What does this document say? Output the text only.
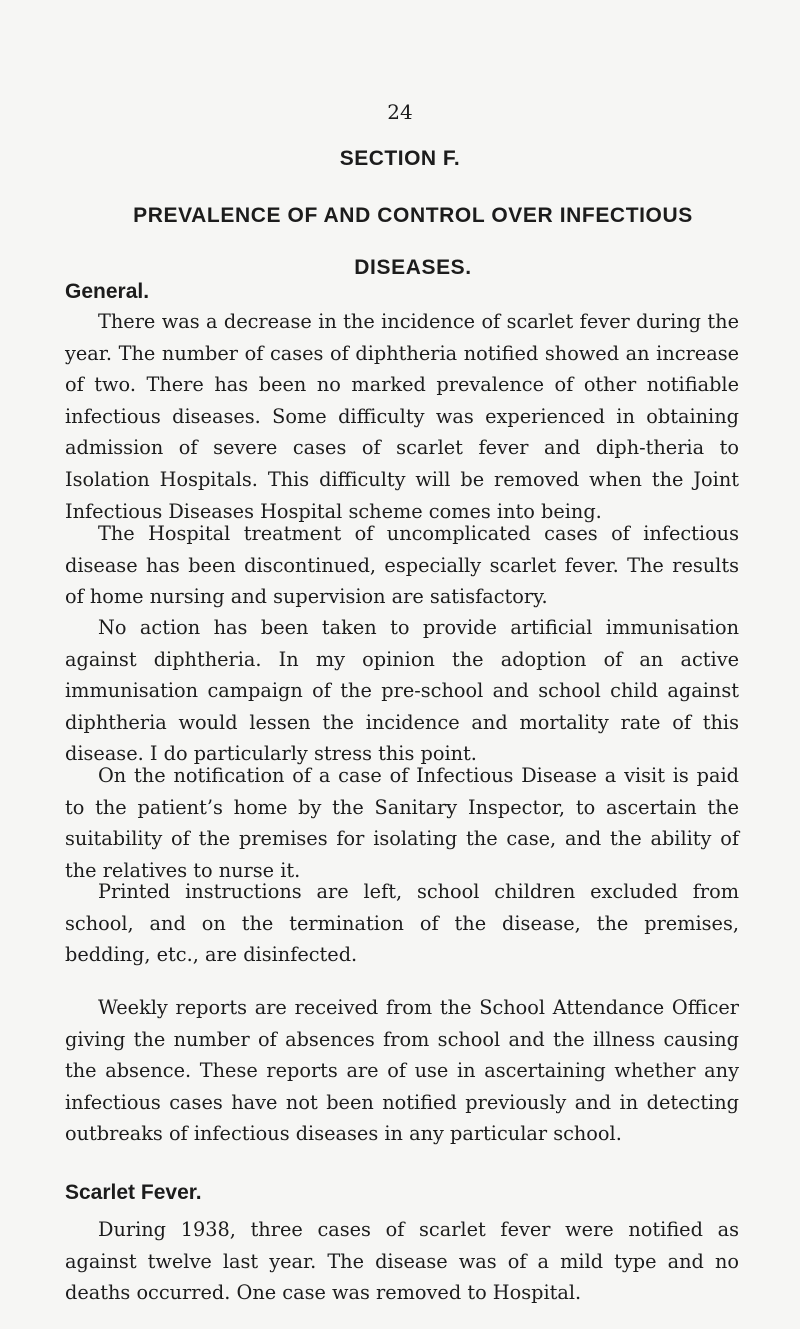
24
SECTION F.
PREVALENCE OF AND CONTROL OVER INFECTIOUS DISEASES.
General.

There was a decrease in the incidence of scarlet fever during the year. The number of cases of diphtheria notified showed an increase of two. There has been no marked prevalence of other notifiable infectious diseases. Some difficulty was experienced in obtaining admission of severe cases of scarlet fever and diph-theria to Isolation Hospitals. This difficulty will be removed when the Joint Infectious Diseases Hospital scheme comes into being.

The Hospital treatment of uncomplicated cases of infectious disease has been discontinued, especially scarlet fever. The results of home nursing and supervision are satisfactory.

No action has been taken to provide artificial immunisation against diphtheria. In my opinion the adoption of an active immunisation campaign of the pre-school and school child against diphtheria would lessen the incidence and mortality rate of this disease. I do particularly stress this point.

On the notification of a case of Infectious Disease a visit is paid to the patient’s home by the Sanitary Inspector, to ascertain the suitability of the premises for isolating the case, and the ability of the relatives to nurse it.

Printed instructions are left, school children excluded from school, and on the termination of the disease, the premises, bedding, etc., are disinfected.

Weekly reports are received from the School Attendance Officer giving the number of absences from school and the illness causing the absence. These reports are of use in ascertaining whether any infectious cases have not been notified previously and in detecting outbreaks of infectious diseases in any particular school.

Scarlet Fever.

During 1938, three cases of scarlet fever were notified as against twelve last year. The disease was of a mild type and no deaths occurred. One case was removed to Hospital.
